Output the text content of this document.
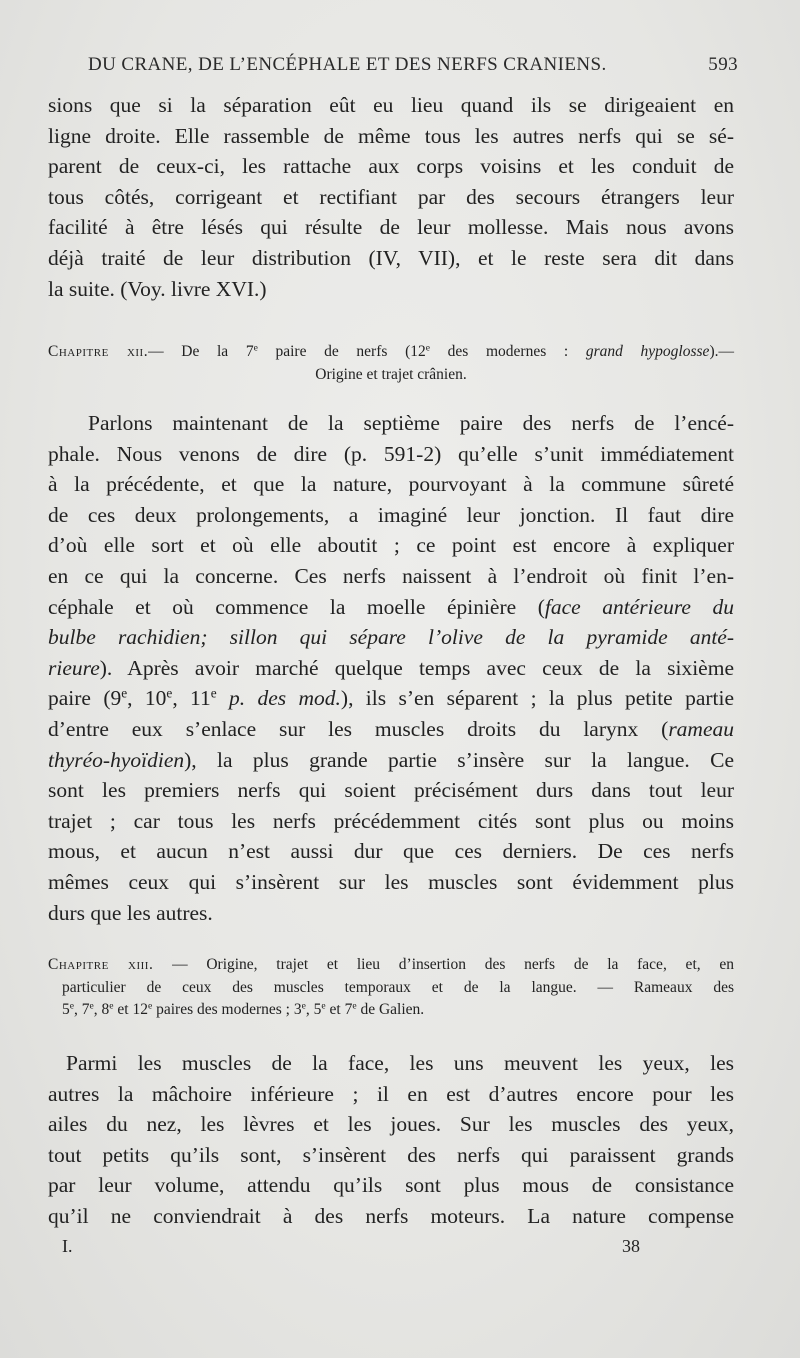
DU CRANE, DE L’ENCÉPHALE ET DES NERFS CRANIENS.	593
sions que si la séparation eût eu lieu quand ils se dirigeaient en
ligne droite. Elle rassemble de même tous les autres nerfs qui se sé-
parent de ceux-ci, les rattache aux corps voisins et les conduit de
tous côtés, corrigeant et rectifiant par des secours étrangers leur
facilité à être lésés qui résulte de leur mollesse. Mais nous avons
déjà traité de leur distribution (IV, VII), et le reste sera dit dans
la suite. (Voy. livre XVI.)
Chapitre xii.— De la 7e paire de nerfs (12e des modernes : grand hypoglosse).—
Origine et trajet crânien.
Parlons maintenant de la septième paire des nerfs de l’encé-
phale. Nous venons de dire (p. 591-2) qu’elle s’unit immédiatement
à la précédente, et que la nature, pourvoyant à la commune sûreté
de ces deux prolongements, a imaginé leur jonction. Il faut dire
d’où elle sort et où elle aboutit ; ce point est encore à expliquer
en ce qui la concerne. Ces nerfs naissent à l’endroit où finit l’en-
céphale et où commence la moelle épinière (face antérieure du
bulbe rachidien; sillon qui sépare l’olive de la pyramide anté-
rieure). Après avoir marché quelque temps avec ceux de la sixième
paire (9e, 10e, 11e p. des mod.), ils s’en séparent ; la plus petite partie
d’entre eux s’enlace sur les muscles droits du larynx (rameau
thyréo-hyoïdien), la plus grande partie s’insère sur la langue. Ce
sont les premiers nerfs qui soient précisément durs dans tout leur
trajet ; car tous les nerfs précédemment cités sont plus ou moins
mous, et aucun n’est aussi dur que ces derniers. De ces nerfs
mêmes ceux qui s’insèrent sur les muscles sont évidemment plus
durs que les autres.
Chapitre xiii. — Origine, trajet et lieu d’insertion des nerfs de la face, et, en
particulier de ceux des muscles temporaux et de la langue. — Rameaux des
5e, 7e, 8e et 12e paires des modernes ; 3e, 5e et 7e de Galien.
Parmi les muscles de la face, les uns meuvent les yeux, les
autres la mâchoire inférieure ; il en est d’autres encore pour les
ailes du nez, les lèvres et les joues. Sur les muscles des yeux,
tout petits qu’ils sont, s’insèrent des nerfs qui paraissent grands
par leur volume, attendu qu’ils sont plus mous de consistance
qu’il ne conviendrait à des nerfs moteurs. La nature compense
I.	38
